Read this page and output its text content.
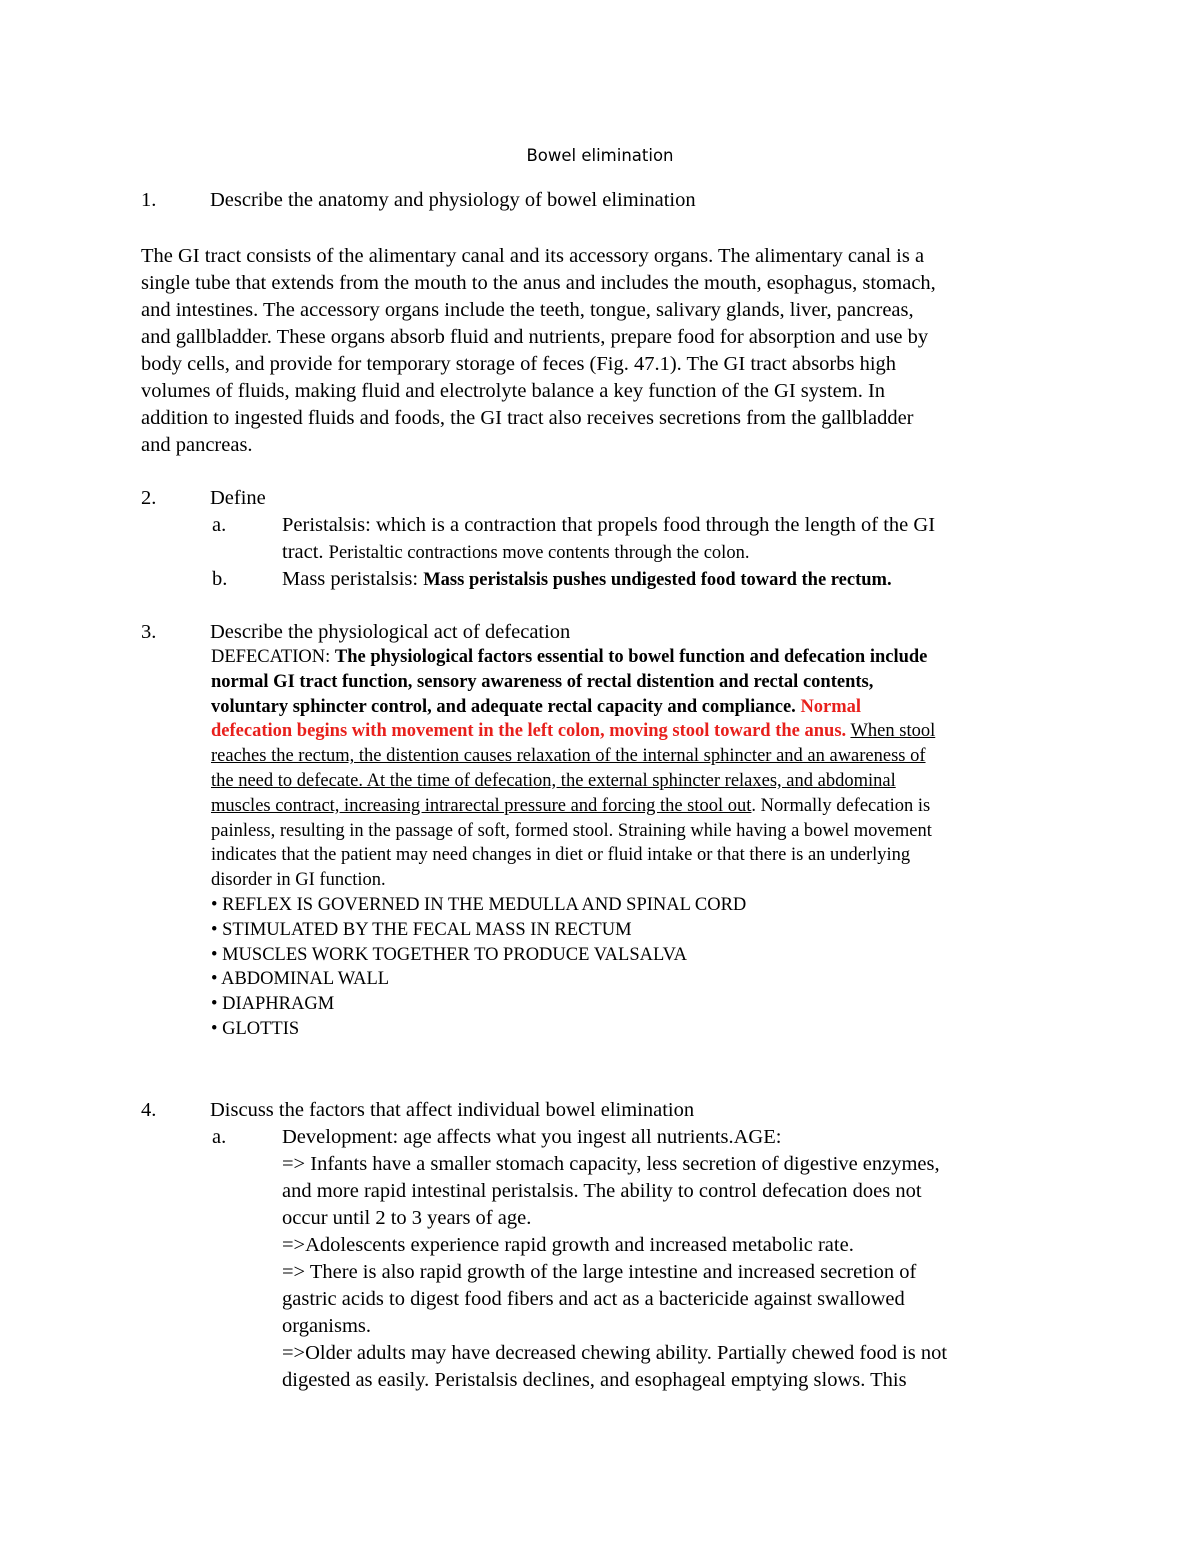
Bowel elimination
1.	Describe the anatomy and physiology of bowel elimination
The GI tract consists of the alimentary canal and its accessory organs. The alimentary canal is a
single tube that extends from the mouth to the anus and includes the mouth, esophagus, stomach,
and intestines. The accessory organs include the teeth, tongue, salivary glands, liver, pancreas,
and gallbladder. These organs absorb fluid and nutrients, prepare food for absorption and use by
body cells, and provide for temporary storage of feces (Fig. 47.1). The GI tract absorbs high
volumes of fluids, making fluid and electrolyte balance a key function of the GI system. In
addition to ingested fluids and foods, the GI tract also receives secretions from the gallbladder
and pancreas.
2.	Define
a.	Peristalsis: which is a contraction that propels food through the length of the GI
tract. Peristaltic contractions move contents through the colon.
b.	Mass peristalsis: Mass peristalsis pushes undigested food toward the rectum.
3.	Describe the physiological act of defecation
DEFECATION: The physiological factors essential to bowel function and defecation include
normal GI tract function, sensory awareness of rectal distention and rectal contents,
voluntary sphincter control, and adequate rectal capacity and compliance. Normal
defecation begins with movement in the left colon, moving stool toward the anus. When stool
reaches the rectum, the distention causes relaxation of the internal sphincter and an awareness of
the need to defecate. At the time of defecation, the external sphincter relaxes, and abdominal
muscles contract, increasing intrarectal pressure and forcing the stool out. Normally defecation is
painless, resulting in the passage of soft, formed stool. Straining while having a bowel movement
indicates that the patient may need changes in diet or fluid intake or that there is an underlying
disorder in GI function.
• REFLEX IS GOVERNED IN THE MEDULLA AND SPINAL CORD
• STIMULATED BY THE FECAL MASS IN RECTUM
• MUSCLES WORK TOGETHER TO PRODUCE VALSALVA
• ABDOMINAL WALL
• DIAPHRAGM
• GLOTTIS
4.	Discuss the factors that affect individual bowel elimination
a.	Development: age affects what you ingest all nutrients.AGE:
=> Infants have a smaller stomach capacity, less secretion of digestive enzymes,
and more rapid intestinal peristalsis. The ability to control defecation does not
occur until 2 to 3 years of age.
=>Adolescents experience rapid growth and increased metabolic rate.
=> There is also rapid growth of the large intestine and increased secretion of
gastric acids to digest food fibers and act as a bactericide against swallowed
organisms.
=>Older adults may have decreased chewing ability. Partially chewed food is not
digested as easily. Peristalsis declines, and esophageal emptying slows. This
